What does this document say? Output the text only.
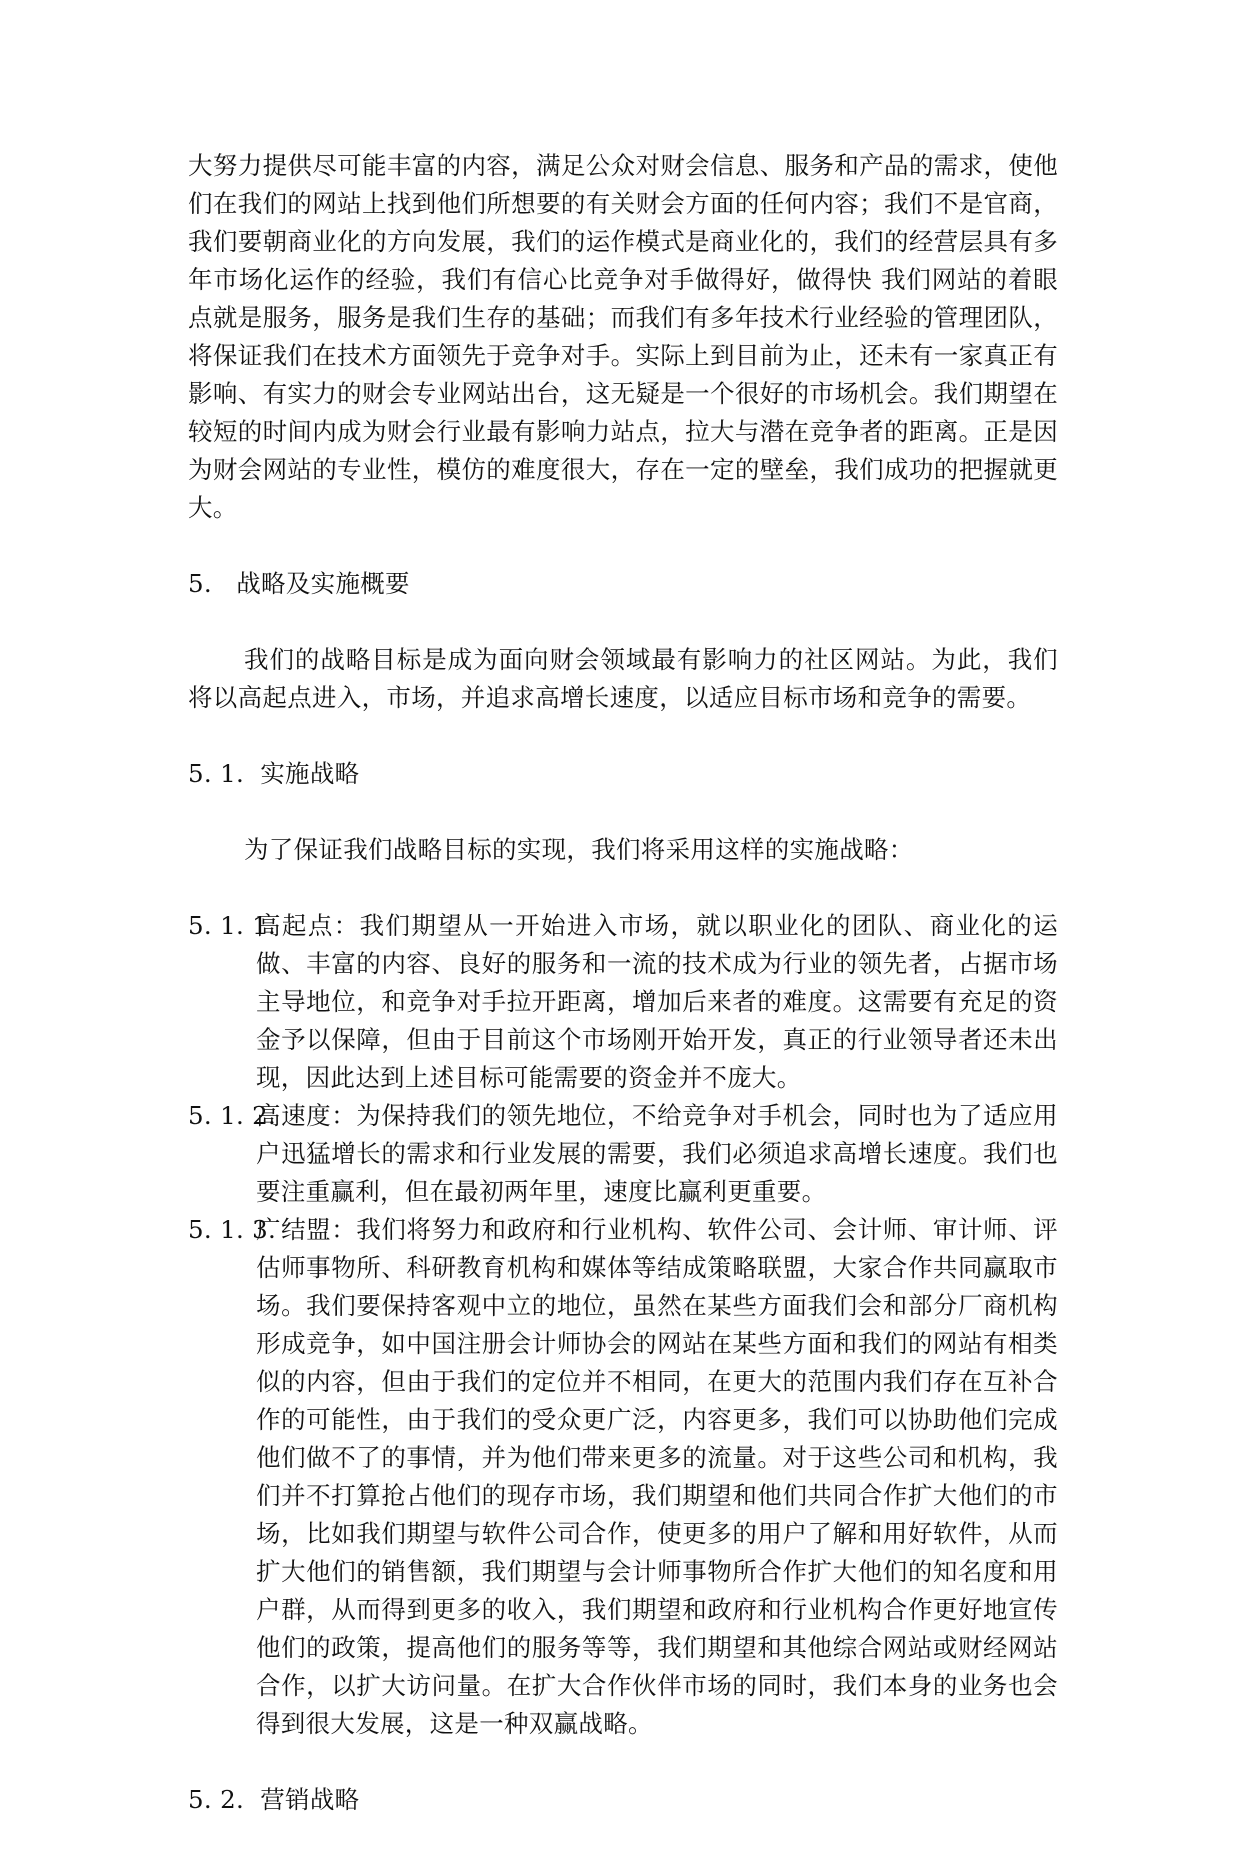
大努力提供尽可能丰富的内容，满足公众对财会信息、服务和产品的需求，使他们在我们的网站上找到他们所想要的有关财会方面的任何内容；我们不是官商，我们要朝商业化的方向发展，我们的运作模式是商业化的，我们的经营层具有多年市场化运作的经验，我们有信心比竞争对手做得好，做得快 我们网站的着眼点就是服务，服务是我们生存的基础；而我们有多年技术行业经验的管理团队，将保证我们在技术方面领先于竞争对手。实际上到目前为止，还未有一家真正有影响、有实力的财会专业网站出台，这无疑是一个很好的市场机会。我们期望在较短的时间内成为财会行业最有影响力站点，拉大与潜在竞争者的距离。正是因为财会网站的专业性，模仿的难度很大，存在一定的壁垒，我们成功的把握就更大。

5.   战略及实施概要

我们的战略目标是成为面向财会领域最有影响力的社区网站。为此，我们将以高起点进入，市场，并追求高增长速度，以适应目标市场和竞争的需要。

5. 1.  实施战略

为了保证我们战略目标的实现，我们将采用这样的实施战略：

5. 1. 1.
高起点：我们期望从一开始进入市场，就以职业化的团队、商业化的运做、丰富的内容、良好的服务和一流的技术成为行业的领先者，占据市场主导地位，和竞争对手拉开距离，增加后来者的难度。这需要有充足的资金予以保障，但由于目前这个市场刚开始开发，真正的行业领导者还未出现，因此达到上述目标可能需要的资金并不庞大。
5. 1. 2.
高速度：为保持我们的领先地位，不给竞争对手机会，同时也为了适应用户迅猛增长的需求和行业发展的需要，我们必须追求高增长速度。我们也要注重赢利，但在最初两年里，速度比赢利更重要。
5. 1. 3.
广结盟：我们将努力和政府和行业机构、软件公司、会计师、审计师、评估师事物所、科研教育机构和媒体等结成策略联盟，大家合作共同赢取市场。我们要保持客观中立的地位，虽然在某些方面我们会和部分厂商机构形成竞争，如中国注册会计师协会的网站在某些方面和我们的网站有相类似的内容，但由于我们的定位并不相同，在更大的范围内我们存在互补合作的可能性，由于我们的受众更广泛，内容更多，我们可以协助他们完成他们做不了的事情，并为他们带来更多的流量。对于这些公司和机构，我们并不打算抢占他们的现存市场，我们期望和他们共同合作扩大他们的市场，比如我们期望与软件公司合作，使更多的用户了解和用好软件，从而扩大他们的销售额，我们期望与会计师事物所合作扩大他们的知名度和用户群，从而得到更多的收入，我们期望和政府和行业机构合作更好地宣传他们的政策，提高他们的服务等等，我们期望和其他综合网站或财经网站合作，以扩大访问量。在扩大合作伙伴市场的同时，我们本身的业务也会得到很大发展，这是一种双赢战略。

5. 2.  营销战略
